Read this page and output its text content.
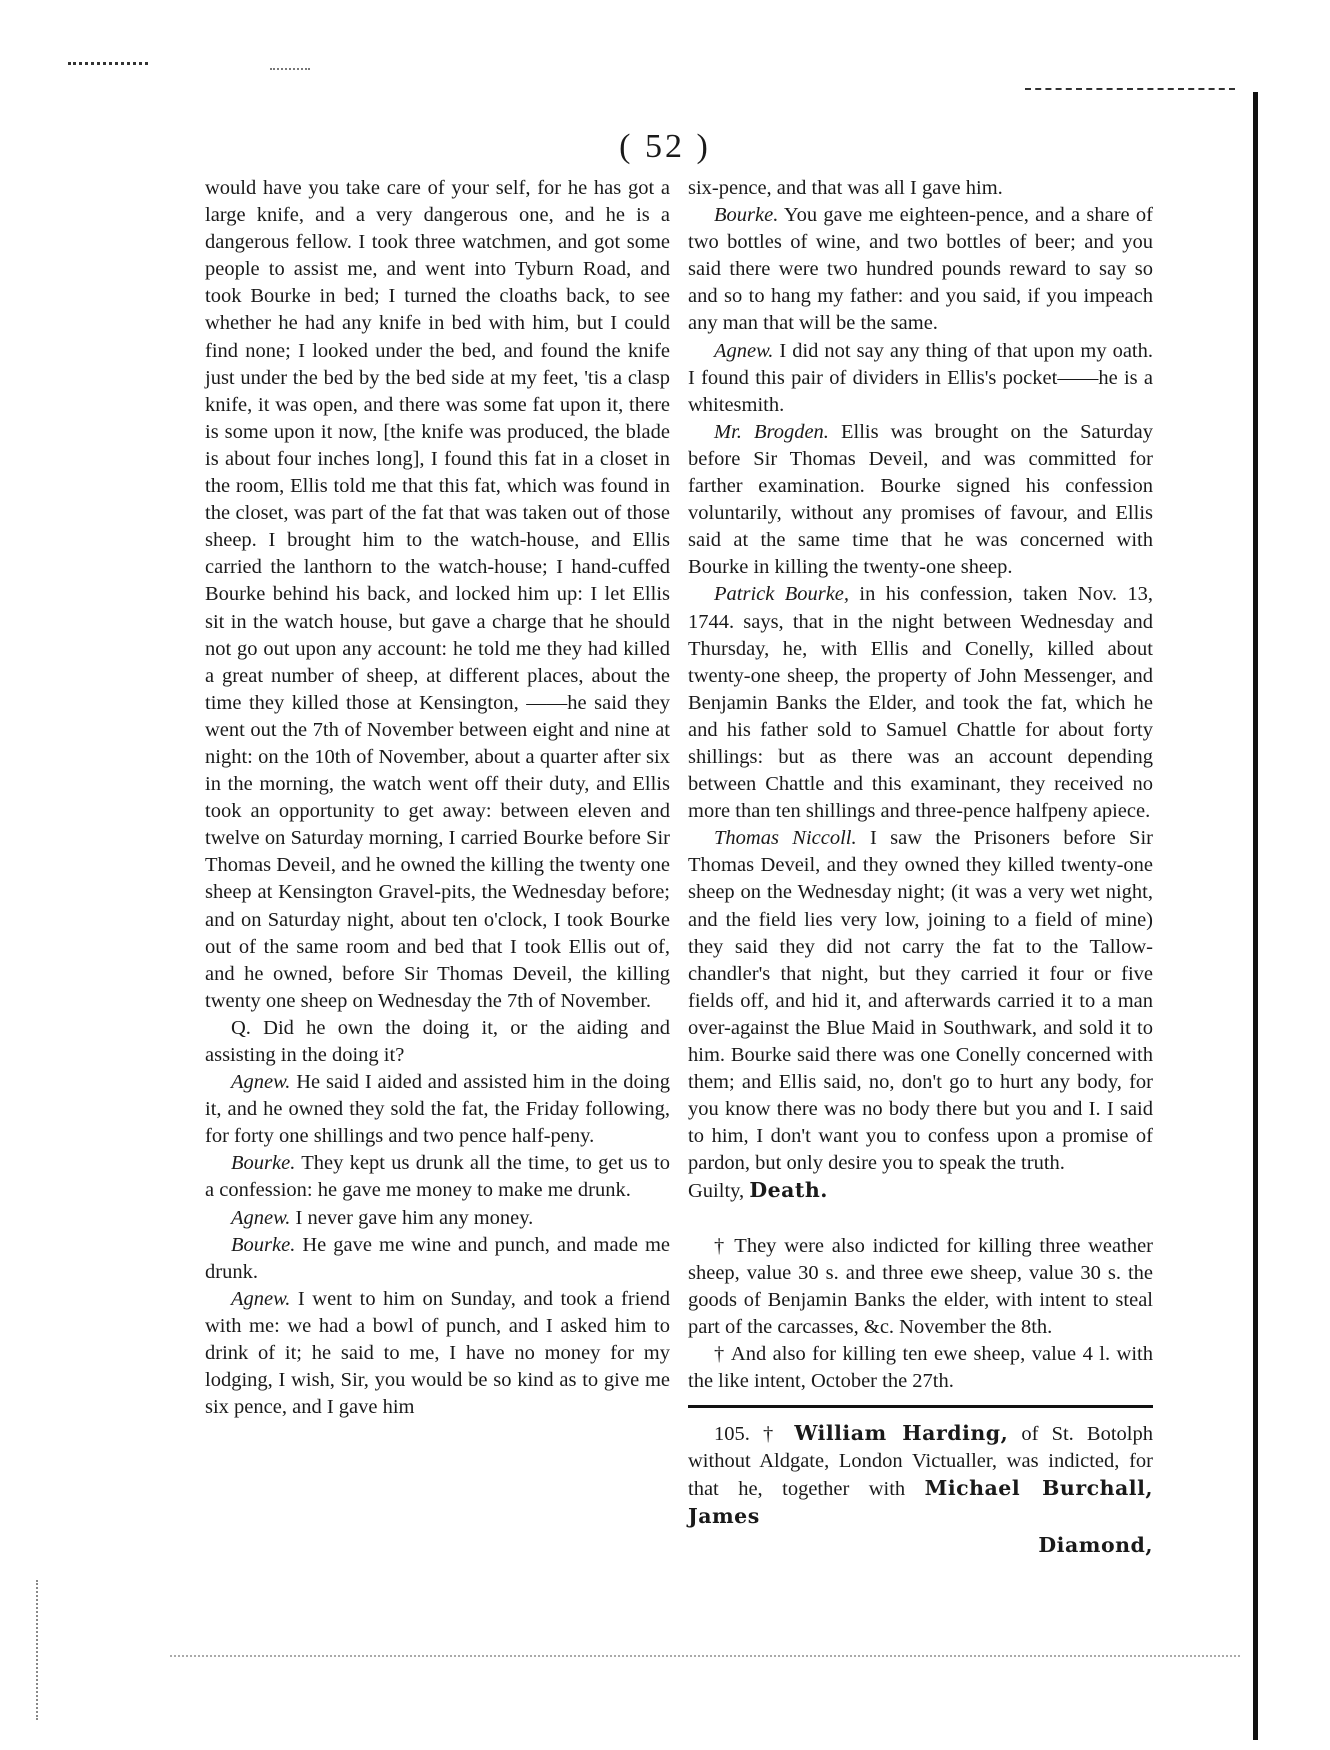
( 52 )

would have you take care of your self, for he has got a large knife, and a very dangerous one, and he is a dangerous fellow. I took three watchmen, and got some people to assist me, and went into Tyburn Road, and took Bourke in bed; I turned the cloaths back, to see whether he had any knife in bed with him, but I could find none; I looked under the bed, and found the knife just under the bed by the bed side at my feet, 'tis a clasp knife, it was open, and there was some fat upon it, there is some upon it now, [the knife was produced, the blade is about four inches long], I found this fat in a closet in the room, Ellis told me that this fat, which was found in the closet, was part of the fat that was taken out of those sheep. I brought him to the watch-house, and Ellis carried the lanthorn to the watch-house; I hand-cuffed Bourke behind his back, and locked him up: I let Ellis sit in the watch house, but gave a charge that he should not go out upon any account: he told me they had killed a great number of sheep, at different places, about the time they killed those at Kensington, ——he said they went out the 7th of November between eight and nine at night: on the 10th of November, about a quarter after six in the morning, the watch went off their duty, and Ellis took an opportunity to get away: between eleven and twelve on Saturday morning, I carried Bourke before Sir Thomas Deveil, and he owned the killing the twenty one sheep at Kensington Gravel-pits, the Wednesday before; and on Saturday night, about ten o'clock, I took Bourke out of the same room and bed that I took Ellis out of, and he owned, before Sir Thomas Deveil, the killing twenty one sheep on Wednesday the 7th of November.

Q. Did he own the doing it, or the aiding and assisting in the doing it?

Agnew. He said I aided and assisted him in the doing it, and he owned they sold the fat, the Friday following, for forty one shillings and two pence half-peny.

Bourke. They kept us drunk all the time, to get us to a confession: he gave me money to make me drunk.

Agnew. I never gave him any money.

Bourke. He gave me wine and punch, and made me drunk.

Agnew. I went to him on Sunday, and took a friend with me: we had a bowl of punch, and I asked him to drink of it; he said to me, I have no money for my lodging, I wish, Sir, you would be so kind as to give me six pence, and I gave him

six-pence, and that was all I gave him.

Bourke. You gave me eighteen-pence, and a share of two bottles of wine, and two bottles of beer; and you said there were two hundred pounds reward to say so and so to hang my father: and you said, if you impeach any man that will be the same.

Agnew. I did not say any thing of that upon my oath. I found this pair of dividers in Ellis's pocket——he is a whitesmith.

Mr. Brogden. Ellis was brought on the Saturday before Sir Thomas Deveil, and was committed for farther examination. Bourke signed his confession voluntarily, without any promises of favour, and Ellis said at the same time that he was concerned with Bourke in killing the twenty-one sheep.

Patrick Bourke, in his confession, taken Nov. 13, 1744. says, that in the night between Wednesday and Thursday, he, with Ellis and Conelly, killed about twenty-one sheep, the property of John Messenger, and Benjamin Banks the Elder, and took the fat, which he and his father sold to Samuel Chattle for about forty shillings: but as there was an account depending between Chattle and this examinant, they received no more than ten shillings and three-pence halfpeny apiece.

Thomas Niccoll. I saw the Prisoners before Sir Thomas Deveil, and they owned they killed twenty-one sheep on the Wednesday night; (it was a very wet night, and the field lies very low, joining to a field of mine) they said they did not carry the fat to the Tallow-chandler's that night, but they carried it four or five fields off, and hid it, and afterwards carried it to a man over-against the Blue Maid in Southwark, and sold it to him. Bourke said there was one Conelly concerned with them; and Ellis said, no, don't go to hurt any body, for you know there was no body there but you and I. I said to him, I don't want you to confess upon a promise of pardon, but only desire you to speak the truth.

Guilty, Death.

† They were also indicted for killing three weather sheep, value 30 s. and three ewe sheep, value 30 s. the goods of Benjamin Banks the elder, with intent to steal part of the carcasses, &c. November the 8th.

† And also for killing ten ewe sheep, value 4 l. with the like intent, October the 27th.

105. † William Harding, of St. Botolph without Aldgate, London Victualler, was indicted, for that he, together with Michael Burchall, James

Diamond,
